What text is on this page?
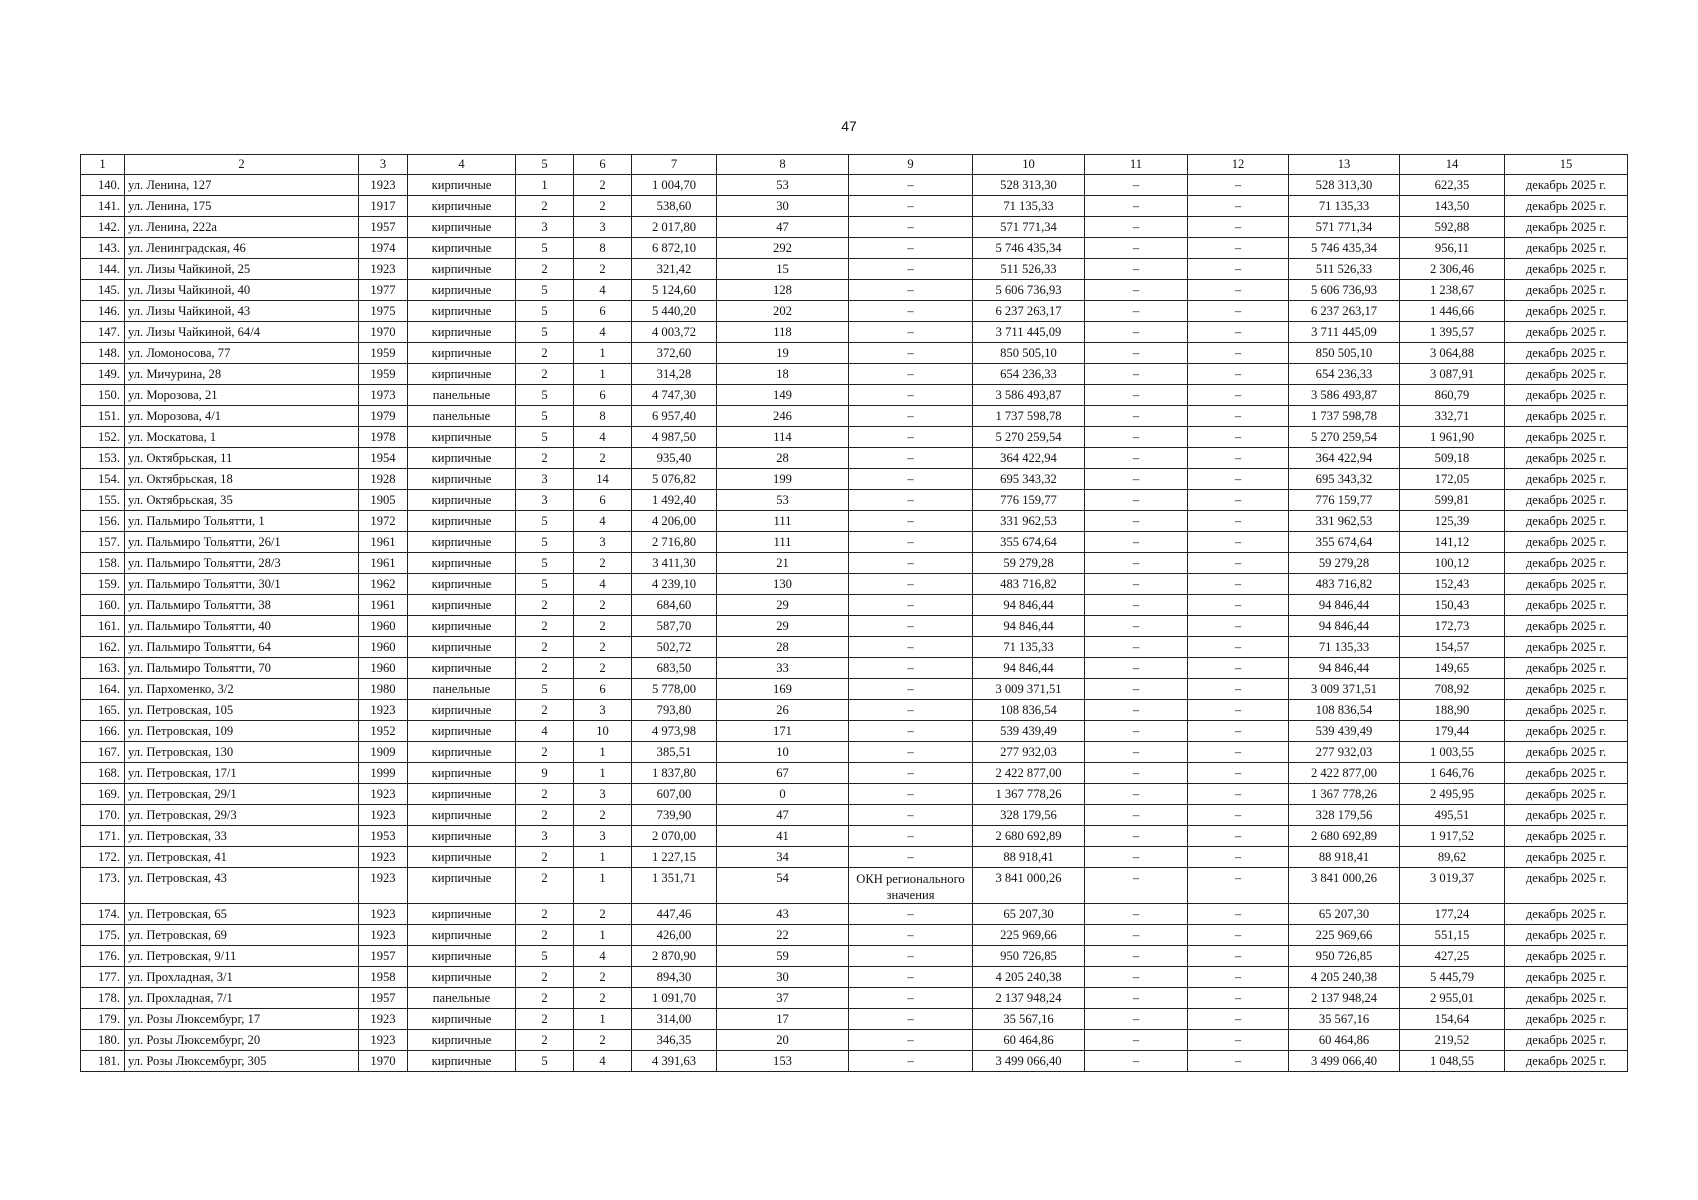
47
1	2	3	4	5	6	7	8	9	10	11	12	13	14	15
140.	ул. Ленина, 127	1923	кирпичные	1	2	1 004,70	53	–	528 313,30	–	–	528 313,30	622,35	декабрь 2025 г.
141.	ул. Ленина, 175	1917	кирпичные	2	2	538,60	30	–	71 135,33	–	–	71 135,33	143,50	декабрь 2025 г.
142.	ул. Ленина, 222а	1957	кирпичные	3	3	2 017,80	47	–	571 771,34	–	–	571 771,34	592,88	декабрь 2025 г.
143.	ул. Ленинградская, 46	1974	кирпичные	5	8	6 872,10	292	–	5 746 435,34	–	–	5 746 435,34	956,11	декабрь 2025 г.
144.	ул. Лизы Чайкиной, 25	1923	кирпичные	2	2	321,42	15	–	511 526,33	–	–	511 526,33	2 306,46	декабрь 2025 г.
145.	ул. Лизы Чайкиной, 40	1977	кирпичные	5	4	5 124,60	128	–	5 606 736,93	–	–	5 606 736,93	1 238,67	декабрь 2025 г.
146.	ул. Лизы Чайкиной, 43	1975	кирпичные	5	6	5 440,20	202	–	6 237 263,17	–	–	6 237 263,17	1 446,66	декабрь 2025 г.
147.	ул. Лизы Чайкиной, 64/4	1970	кирпичные	5	4	4 003,72	118	–	3 711 445,09	–	–	3 711 445,09	1 395,57	декабрь 2025 г.
148.	ул. Ломоносова, 77	1959	кирпичные	2	1	372,60	19	–	850 505,10	–	–	850 505,10	3 064,88	декабрь 2025 г.
149.	ул. Мичурина, 28	1959	кирпичные	2	1	314,28	18	–	654 236,33	–	–	654 236,33	3 087,91	декабрь 2025 г.
150.	ул. Морозова, 21	1973	панельные	5	6	4 747,30	149	–	3 586 493,87	–	–	3 586 493,87	860,79	декабрь 2025 г.
151.	ул. Морозова, 4/1	1979	панельные	5	8	6 957,40	246	–	1 737 598,78	–	–	1 737 598,78	332,71	декабрь 2025 г.
152.	ул. Москатова, 1	1978	кирпичные	5	4	4 987,50	114	–	5 270 259,54	–	–	5 270 259,54	1 961,90	декабрь 2025 г.
153.	ул. Октябрьская, 11	1954	кирпичные	2	2	935,40	28	–	364 422,94	–	–	364 422,94	509,18	декабрь 2025 г.
154.	ул. Октябрьская, 18	1928	кирпичные	3	14	5 076,82	199	–	695 343,32	–	–	695 343,32	172,05	декабрь 2025 г.
155.	ул. Октябрьская, 35	1905	кирпичные	3	6	1 492,40	53	–	776 159,77	–	–	776 159,77	599,81	декабрь 2025 г.
156.	ул. Пальмиро Тольятти, 1	1972	кирпичные	5	4	4 206,00	111	–	331 962,53	–	–	331 962,53	125,39	декабрь 2025 г.
157.	ул. Пальмиро Тольятти, 26/1	1961	кирпичные	5	3	2 716,80	111	–	355 674,64	–	–	355 674,64	141,12	декабрь 2025 г.
158.	ул. Пальмиро Тольятти, 28/3	1961	кирпичные	5	2	3 411,30	21	–	59 279,28	–	–	59 279,28	100,12	декабрь 2025 г.
159.	ул. Пальмиро Тольятти, 30/1	1962	кирпичные	5	4	4 239,10	130	–	483 716,82	–	–	483 716,82	152,43	декабрь 2025 г.
160.	ул. Пальмиро Тольятти, 38	1961	кирпичные	2	2	684,60	29	–	94 846,44	–	–	94 846,44	150,43	декабрь 2025 г.
161.	ул. Пальмиро Тольятти, 40	1960	кирпичные	2	2	587,70	29	–	94 846,44	–	–	94 846,44	172,73	декабрь 2025 г.
162.	ул. Пальмиро Тольятти, 64	1960	кирпичные	2	2	502,72	28	–	71 135,33	–	–	71 135,33	154,57	декабрь 2025 г.
163.	ул. Пальмиро Тольятти, 70	1960	кирпичные	2	2	683,50	33	–	94 846,44	–	–	94 846,44	149,65	декабрь 2025 г.
164.	ул. Пархоменко, 3/2	1980	панельные	5	6	5 778,00	169	–	3 009 371,51	–	–	3 009 371,51	708,92	декабрь 2025 г.
165.	ул. Петровская, 105	1923	кирпичные	2	3	793,80	26	–	108 836,54	–	–	108 836,54	188,90	декабрь 2025 г.
166.	ул. Петровская, 109	1952	кирпичные	4	10	4 973,98	171	–	539 439,49	–	–	539 439,49	179,44	декабрь 2025 г.
167.	ул. Петровская, 130	1909	кирпичные	2	1	385,51	10	–	277 932,03	–	–	277 932,03	1 003,55	декабрь 2025 г.
168.	ул. Петровская, 17/1	1999	кирпичные	9	1	1 837,80	67	–	2 422 877,00	–	–	2 422 877,00	1 646,76	декабрь 2025 г.
169.	ул. Петровская, 29/1	1923	кирпичные	2	3	607,00	0	–	1 367 778,26	–	–	1 367 778,26	2 495,95	декабрь 2025 г.
170.	ул. Петровская, 29/3	1923	кирпичные	2	2	739,90	47	–	328 179,56	–	–	328 179,56	495,51	декабрь 2025 г.
171.	ул. Петровская, 33	1953	кирпичные	3	3	2 070,00	41	–	2 680 692,89	–	–	2 680 692,89	1 917,52	декабрь 2025 г.
172.	ул. Петровская, 41	1923	кирпичные	2	1	1 227,15	34	–	88 918,41	–	–	88 918,41	89,62	декабрь 2025 г.
173.	ул. Петровская, 43	1923	кирпичные	2	1	1 351,71	54	ОКН регионального значения	3 841 000,26	–	–	3 841 000,26	3 019,37	декабрь 2025 г.
174.	ул. Петровская, 65	1923	кирпичные	2	2	447,46	43	–	65 207,30	–	–	65 207,30	177,24	декабрь 2025 г.
175.	ул. Петровская, 69	1923	кирпичные	2	1	426,00	22	–	225 969,66	–	–	225 969,66	551,15	декабрь 2025 г.
176.	ул. Петровская, 9/11	1957	кирпичные	5	4	2 870,90	59	–	950 726,85	–	–	950 726,85	427,25	декабрь 2025 г.
177.	ул. Прохладная, 3/1	1958	кирпичные	2	2	894,30	30	–	4 205 240,38	–	–	4 205 240,38	5 445,79	декабрь 2025 г.
178.	ул. Прохладная, 7/1	1957	панельные	2	2	1 091,70	37	–	2 137 948,24	–	–	2 137 948,24	2 955,01	декабрь 2025 г.
179.	ул. Розы Люксембург, 17	1923	кирпичные	2	1	314,00	17	–	35 567,16	–	–	35 567,16	154,64	декабрь 2025 г.
180.	ул. Розы Люксембург, 20	1923	кирпичные	2	2	346,35	20	–	60 464,86	–	–	60 464,86	219,52	декабрь 2025 г.
181.	ул. Розы Люксембург, 305	1970	кирпичные	5	4	4 391,63	153	–	3 499 066,40	–	–	3 499 066,40	1 048,55	декабрь 2025 г.
